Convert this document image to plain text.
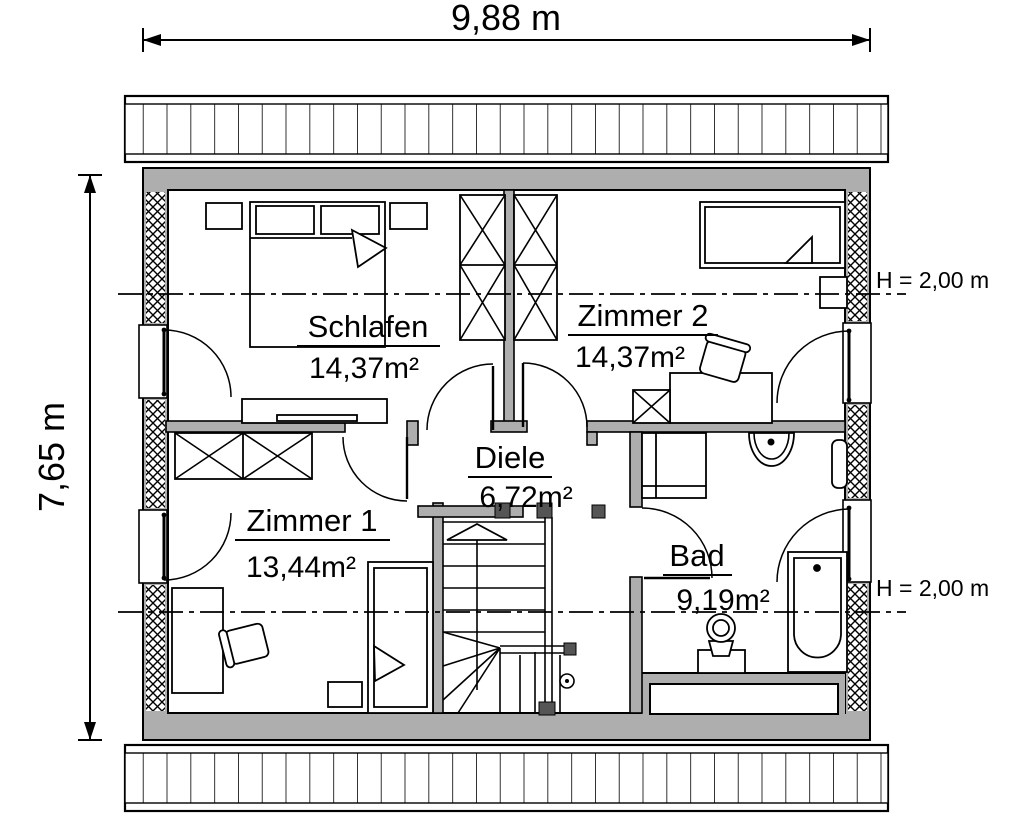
H = 2,00 m
H = 2,00 m
Schlafen
14,37m²
Zimmer 2
14,37m²
Diele
6,72m²
Zimmer 1
13,44m²	Bad
9,19m²
9,88 m
7,65 m
